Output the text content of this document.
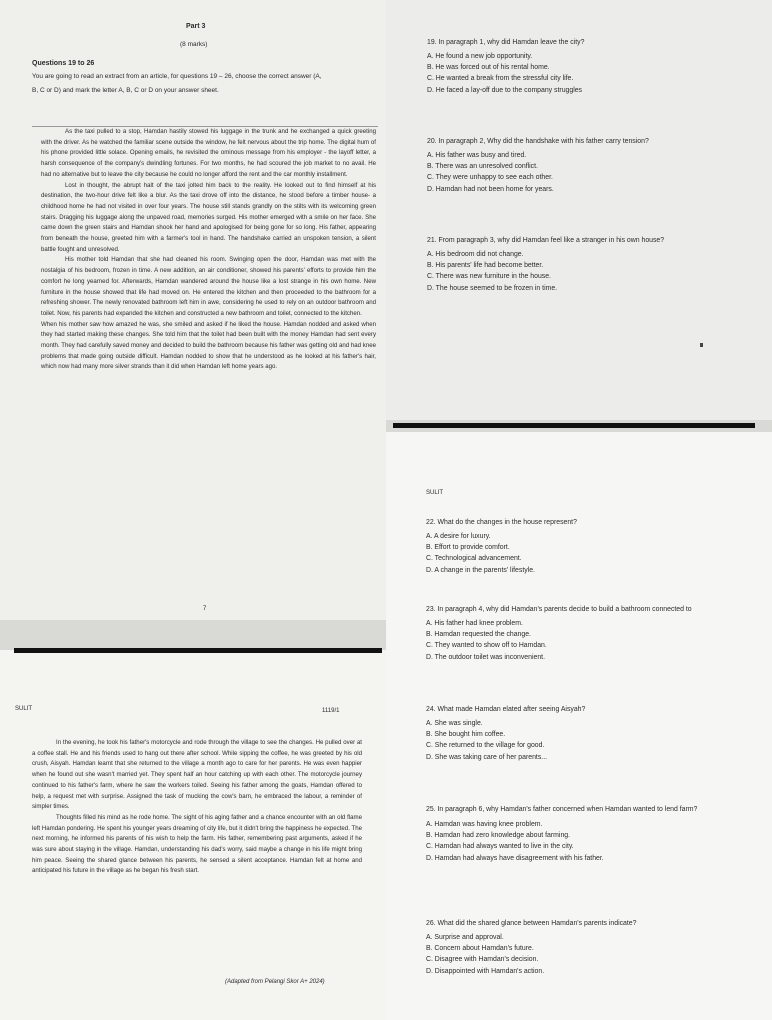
Part 3
(8 marks)
Questions 19 to 26
You are going to read an extract from an article, for questions 19 – 26, choose the correct answer (A,
B, C or D) and mark the letter A, B, C or D on your answer sheet.

As the taxi pulled to a stop, Hamdan hastily stowed his luggage in the trunk and he exchanged a quick greeting with the driver. As he watched the familiar scene outside the window, he felt nervous about the trip home. The digital hum of his phone provided little solace. Opening emails, he revisited the ominous message from his employer - the layoff letter, a harsh consequence of the company's dwindling fortunes. For two months, he had scoured the job market to no avail. He had no alternative but to leave the city because he could no longer afford the rent and the car monthly installment.

Lost in thought, the abrupt halt of the taxi jolted him back to the reality. He looked out to find himself at his destination, the two-hour drive felt like a blur. As the taxi drove off into the distance, he stood before a timber house- a childhood home he had not visited in over four years. The house still stands grandly on the stilts with its welcoming green stairs. Dragging his luggage along the unpaved road, memories surged. His mother emerged with a smile on her face. She came down the green stairs and Hamdan shook her hand and apologised for being gone for so long. His father, appearing from beneath the house, greeted him with a farmer's tool in hand. The handshake carried an unspoken tension, a silent battle fought and unresolved.

His mother told Hamdan that she had cleaned his room. Swinging open the door, Hamdan was met with the nostalgia of his bedroom, frozen in time. A new addition, an air conditioner, showed his parents' efforts to provide him the comfort he long yearned for. Afterwards, Hamdan wandered around the house like a lost strange in his own home. New furniture in the house showed that life had moved on. He entered the kitchen and then proceeded to the bathroom for a refreshing shower. The newly renovated bathroom left him in awe, considering he used to rely on an outdoor bathroom and toilet. Now, his parents had expanded the kitchen and constructed a new bathroom and toilet, connected to the kitchen.

When his mother saw how amazed he was, she smiled and asked if he liked the house. Hamdan nodded and asked when they had started making these changes. She told him that the toilet had been built with the money Hamdan had sent every month. They had carefully saved money and decided to build the bathroom because his father was getting old and had knee problems that made going outside difficult. Hamdan nodded to show that he understood as he looked at his father's hair, which now had many more silver strands than it did when Hamdan left home years ago.

7
SULIT	1119/1

In the evening, he took his father's motorcycle and rode through the village to see the changes. He pulled over at a coffee stall. He and his friends used to hang out there after school. While sipping the coffee, he was greeted by his old crush, Aisyah. Hamdan learnt that she returned to the village a month ago to care for her parents. He was even happier when he found out she wasn't married yet. They spent half an hour catching up with each other. The motorcycle journey continued to his father's farm, where he saw the workers toiled. Seeing his father among the goats, Hamdan offered to help, a request met with surprise. Assigned the task of mucking the cow's barn, he embraced the labour, a reminder of simpler times.

Thoughts filled his mind as he rode home. The sight of his aging father and a chance encounter with an old flame left Hamdan pondering. He spent his younger years dreaming of city life, but it didn't bring the happiness he expected. The next morning, he informed his parents of his wish to help the farm. His father, remembering past arguments, asked if he was sure about staying in the village. Hamdan, understanding his dad's worry, said maybe a change in his life might bring him peace. Seeing the shared glance between his parents, he sensed a silent acceptance. Hamdan felt at home and anticipated his future in the village as he began his fresh start.

(Adapted from Pelangi Skor A+ 2024)
19. In paragraph 1, why did Hamdan leave the city?
A. He found a new job opportunity.
B. He was forced out of his rental home.
C. He wanted a break from the stressful city life.
D. He faced a lay-off due to the company struggles
20. In paragraph 2, Why did the handshake with his father carry tension?
A. His father was busy and tired.
B. There was an unresolved conflict.
C. They were unhappy to see each other.
D. Hamdan had not been home for years.
21. From paragraph 3, why did Hamdan feel like a stranger in his own house?
A. His bedroom did not change.
B. His parents' life had become better.
C. There was new furniture in the house.
D. The house seemed to be frozen in time.
SULIT
22. What do the changes in the house represent?
A. A desire for luxury.
B. Effort to provide comfort.
C. Technological advancement.
D. A change in the parents' lifestyle.
23. In paragraph 4, why did Hamdan's parents decide to build a bathroom connected to
A. His father had knee problem.
B. Hamdan requested the change.
C. They wanted to show off to Hamdan.
D. The outdoor toilet was inconvenient.
24. What made Hamdan elated after seeing Aisyah?
A. She was single.
B. She bought him coffee.
C. She returned to the village for good.
D. She was taking care of her parents...
25. In paragraph 6, why Hamdan's father concerned when Hamdan wanted to lend farm?
A. Hamdan was having knee problem.
B. Hamdan had zero knowledge about farming.
C. Hamdan had always wanted to live in the city.
D. Hamdan had always have disagreement with his father.
26. What did the shared glance between Hamdan's parents indicate?
A. Surprise and approval.
B. Concern about Hamdan's future.
C. Disagree with Hamdan's decision.
D. Disappointed with Hamdan's action.
